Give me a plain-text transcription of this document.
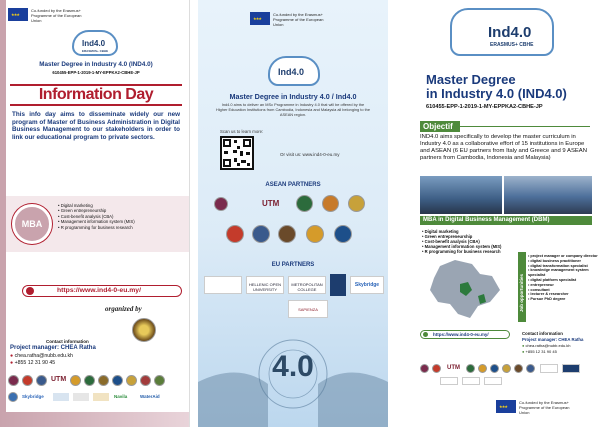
★ ★ ★
Co-funded by the Erasmus+ Programme of the European Union
Ind4.0
ERASMUS+ CBHE
Master Degree in Industry 4.0 (IND4.0)
610455-EPP-1-2019-1-MY-EPPKA2-CBHE-JP
Information Day
This info day aims to disseminate widely our new program of Master of Business Administration in Digital Business Management to our stakeholders in order to link our educational program to private sectors.
MBA
• Digital marketing
• Green entrepreneurship
• Cost-benefit analysis (CBA)
• Management information system (MIS)
• R programming for business research
https://www.ind4-0-eu.my/
organized by
Contact information
Project manager: CHEA Ratha
● chea.ratha@nubb.edu.kh
● +855 12 31 90 45
UTM
Skybridge	Navila	WaterAid
★ ★ ★
Co-funded by the Erasmus+ Programme of the European Union
Ind4.0
Master Degree in Industry 4.0 / Ind4.0
Ind4.0 aims to deliver an MSc Programme in Industry 4.0 that will be offered by the Higher Education Institutions from Cambodia, Indonesia and Malaysia all belonging to the ASEAN region.
Scan us to learn more:
Or visit us: www.ind4-0-eu.my
ASEAN PARTNERS
UTM
EU PARTNERS
HELLENIC OPEN UNIVERSITY
METROPOLITAN COLLEGE
Skybridge
SAPIENZA
4.0
Ind4.0
ERASMUS+ CBHE
Master Degree
in Industry 4.0 (IND4.0)
610455-EPP-1-2019-1-MY-EPPKA2-CBHE-JP
Objectif
IND4.0 aims specifically to develop the master curriculum in Industry 4.0 as a collaborative effort of 15 institutions in Europe and ASEAN (6 EU partners from Italy and Greece and 9 ASEAN partners from Cambodia, Indonesia and Malaysia)
MBA in Digital Business Management (DBM)
• Digital marketing
• Green entrepreneurship
• Cost-benefit analysis (CBA)
• Management information system (MIS)
• R programming for business research
Job opportunities
• project manager or company director
• digital business practitioner
• digital transformation specialist
• knowledge management system specialist
• digital platform specialist
• entrepreneur
• consultant
• lecturer & researcher
• Pursue PhD degree
https://www.ind4-0-eu.my/	Contact information
Project manager: CHEA Ratha
● chea.ratha@nubb.edu.kh
● +855 12 31 90 45
UTM
★ ★ ★
Co-funded by the Erasmus+ Programme of the European Union
